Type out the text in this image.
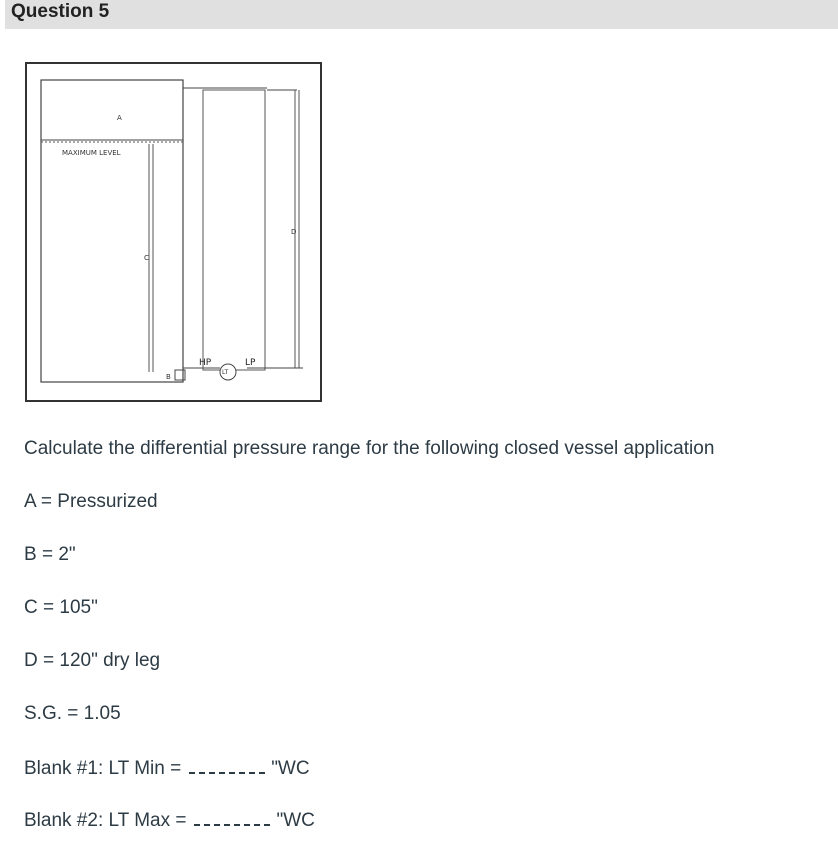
Question 5
A
MAXIMUM LEVEL
C
D
B
HP
LT
LP
Calculate the differential pressure range for the following closed vessel application
A = Pressurized
B = 2"
C = 105"
D = 120" dry leg
S.G. = 1.05
Blank #1: LT Min =	"WC
Blank #2: LT Max =	"WC
